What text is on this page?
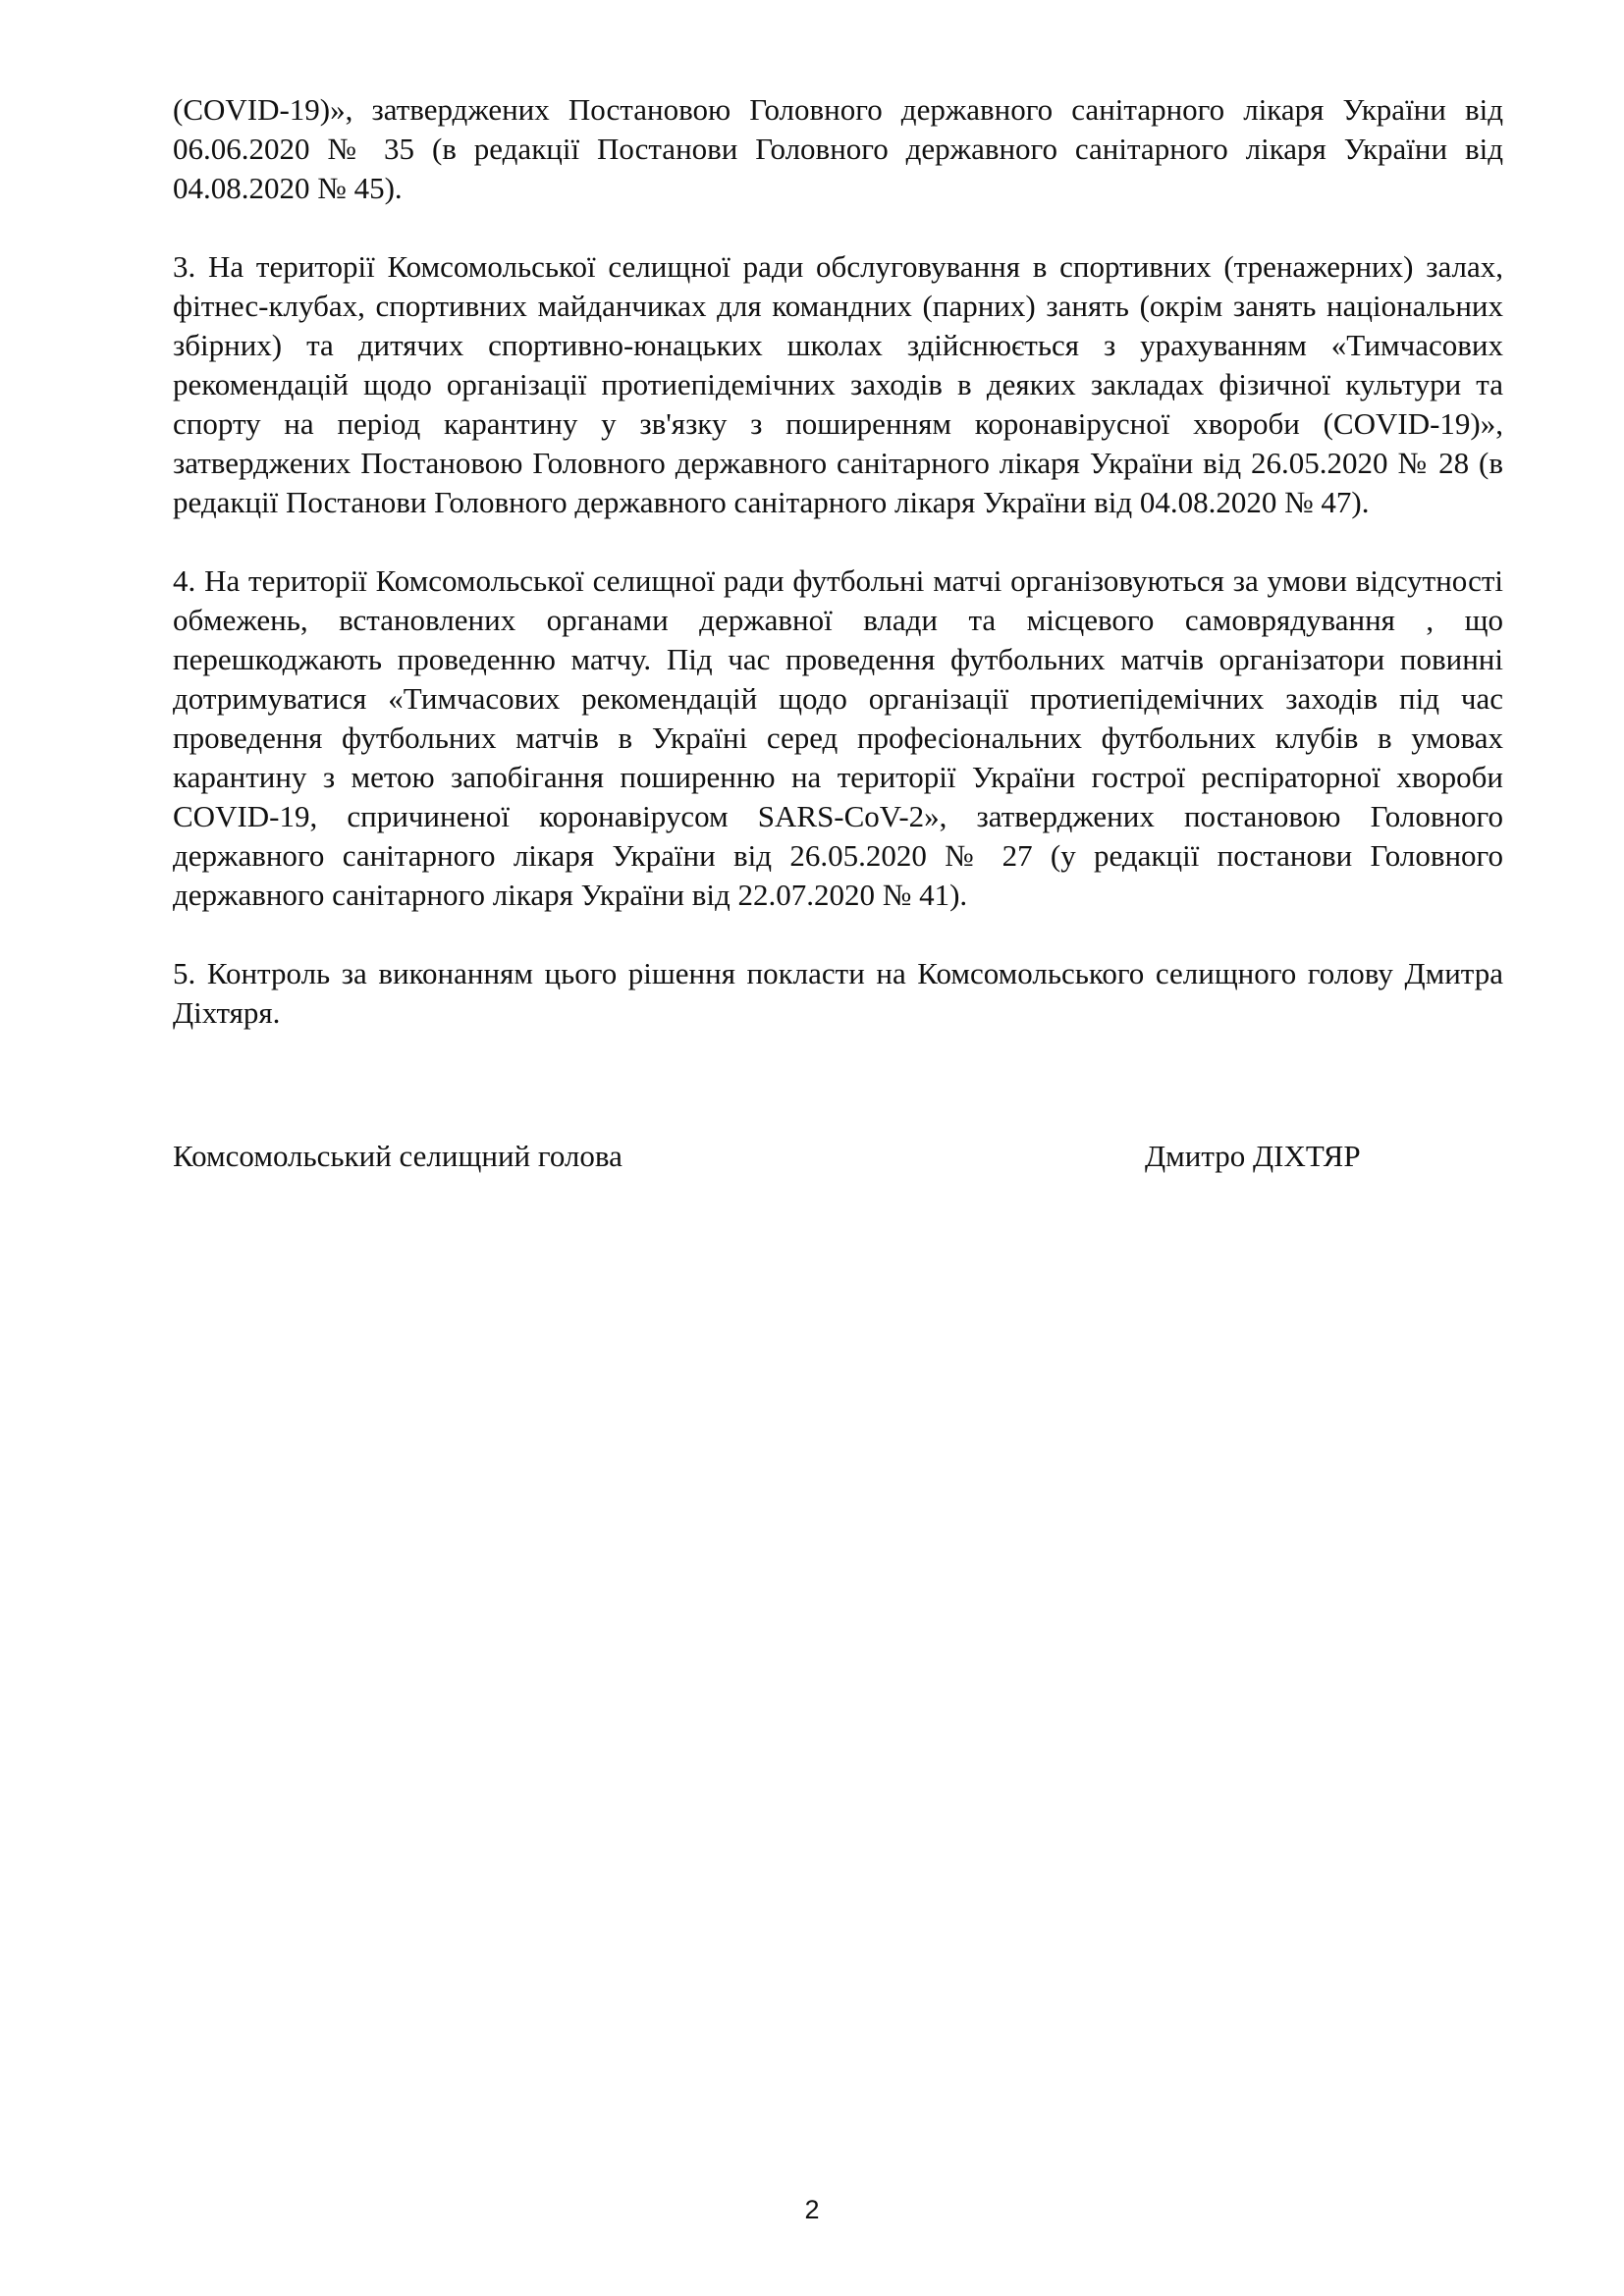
(COVID-19)», затверджених Постановою Головного державного санітарного лікаря України від 06.06.2020 № 35 (в редакції Постанови Головного державного санітарного лікаря України від 04.08.2020 № 45).

3. На території Комсомольської селищної ради обслуговування в спортивних (тренажерних) залах, фітнес-клубах, спортивних майданчиках для командних (парних) занять (окрім занять національних збірних) та дитячих спортивно-юнацьких школах здійснюється з урахуванням «Тимчасових рекомендацій щодо організації протиепідемічних заходів в деяких закладах фізичної культури та спорту на період карантину у зв'язку з поширенням коронавірусної хвороби (COVID-19)», затверджених Постановою Головного державного санітарного лікаря України від 26.05.2020 № 28 (в редакції Постанови Головного державного санітарного лікаря України від 04.08.2020 № 47).

4. На території Комсомольської селищної ради футбольні матчі організовуються за умови відсутності обмежень, встановлених органами державної влади та місцевого самоврядування , що перешкоджають проведенню матчу. Під час проведення футбольних матчів організатори повинні дотримуватися «Тимчасових рекомендацій щодо організації протиепідемічних заходів під час проведення футбольних матчів в Україні серед професіональних футбольних клубів в умовах карантину з метою запобігання поширенню на території України гострої респіраторної хвороби COVID-19, спричиненої коронавірусом SARS-CoV-2», затверджених постановою Головного державного санітарного лікаря України від 26.05.2020 № 27 (у редакції постанови Головного державного санітарного лікаря України від 22.07.2020 № 41).

5. Контроль за виконанням цього рішення покласти на Комсомольського селищного голову Дмитра Діхтяря.

Комсомольський селищний голова	Дмитро ДІХТЯР
2
